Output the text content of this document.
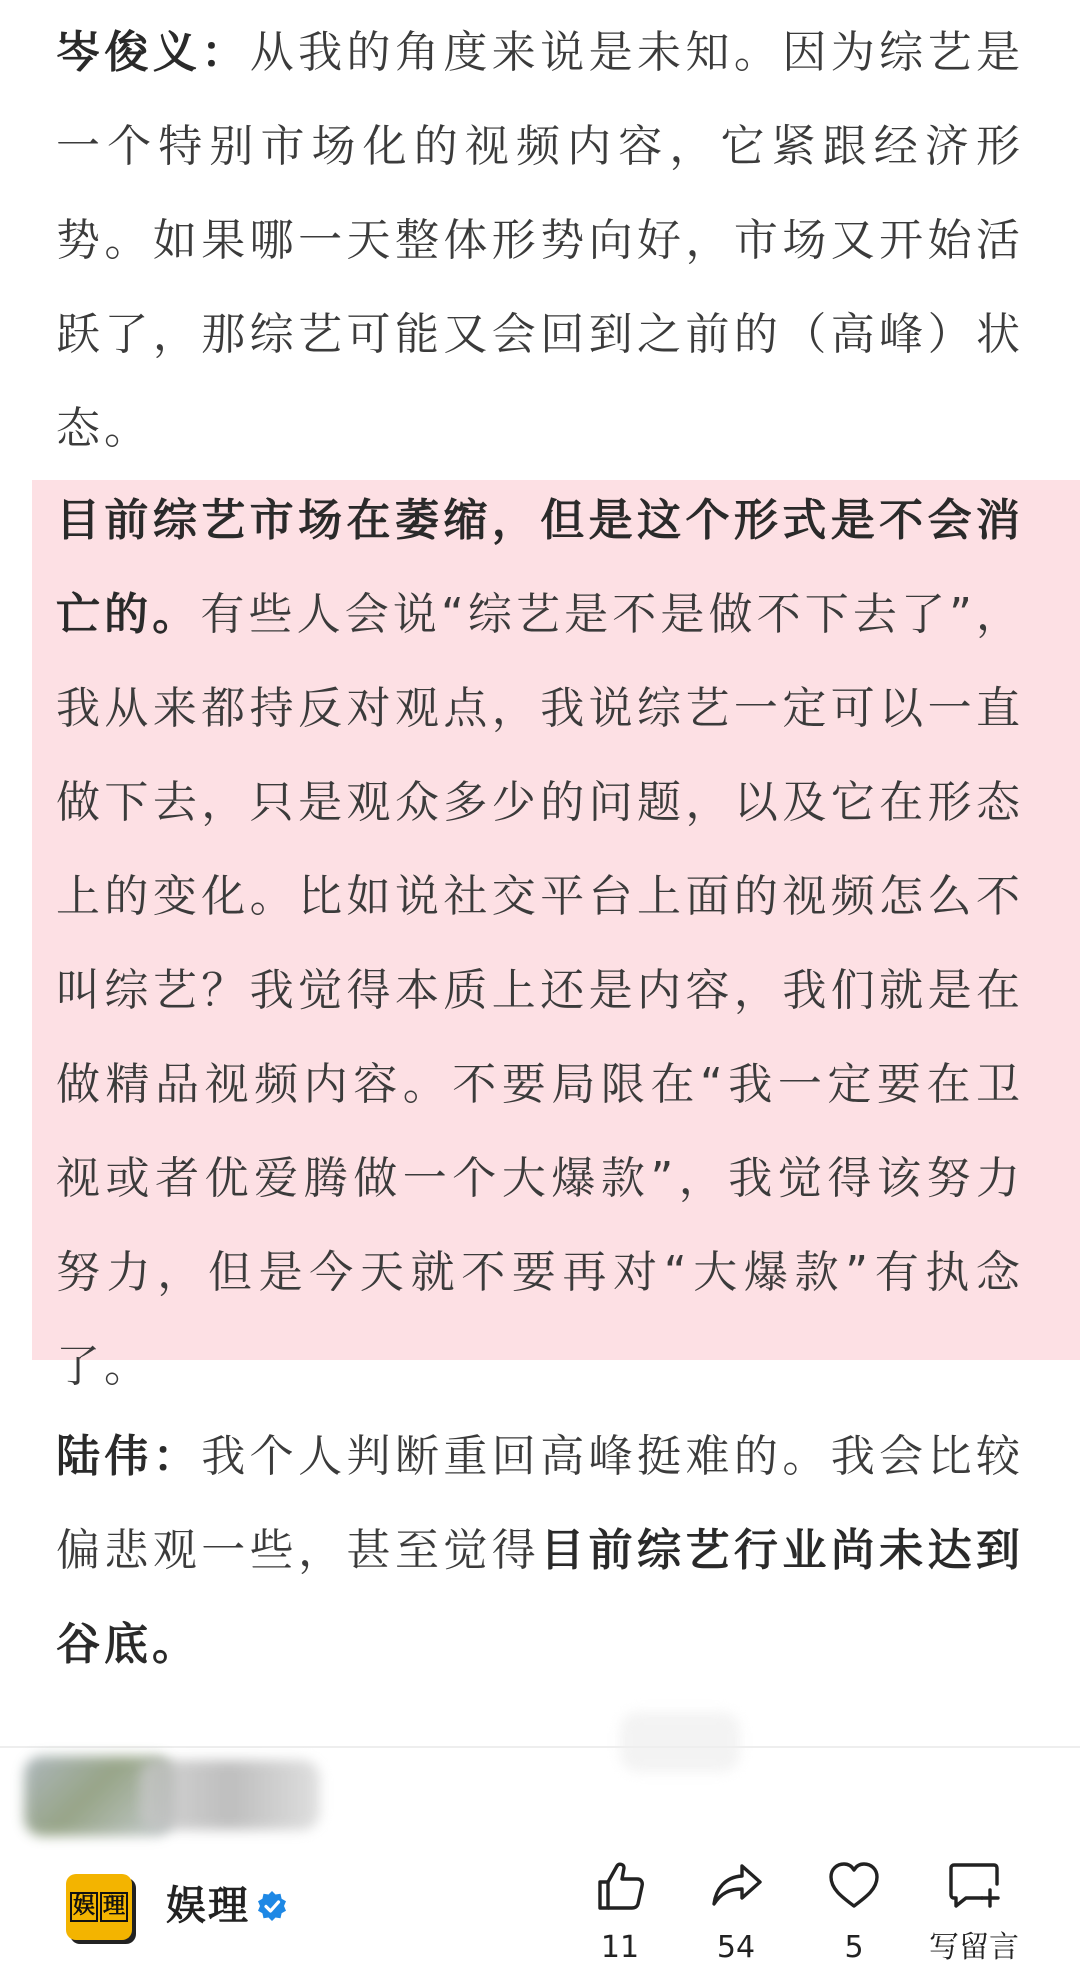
岑俊义：从我的角度来说是未知。因为综艺是一个特别市场化的视频内容，它紧跟经济形势。如果哪一天整体形势向好，市场又开始活跃了，那综艺可能又会回到之前的（高峰）状态。

目前综艺市场在萎缩，但是这个形式是不会消亡的。有些人会说“综艺是不是做不下去了”，我从来都持反对观点，我说综艺一定可以一直做下去，只是观众多少的问题，以及它在形态上的变化。比如说社交平台上面的视频怎么不叫综艺？我觉得本质上还是内容，我们就是在做精品视频内容。不要局限在“我一定要在卫视或者优爱腾做一个大爆款”，我觉得该努力努力，但是今天就不要再对“大爆款”有执念了。

陆伟：我个人判断重回高峰挺难的。我会比较偏悲观一些，甚至觉得目前综艺行业尚未达到谷底。

娱 理 娱理
11	54	5	写留言
